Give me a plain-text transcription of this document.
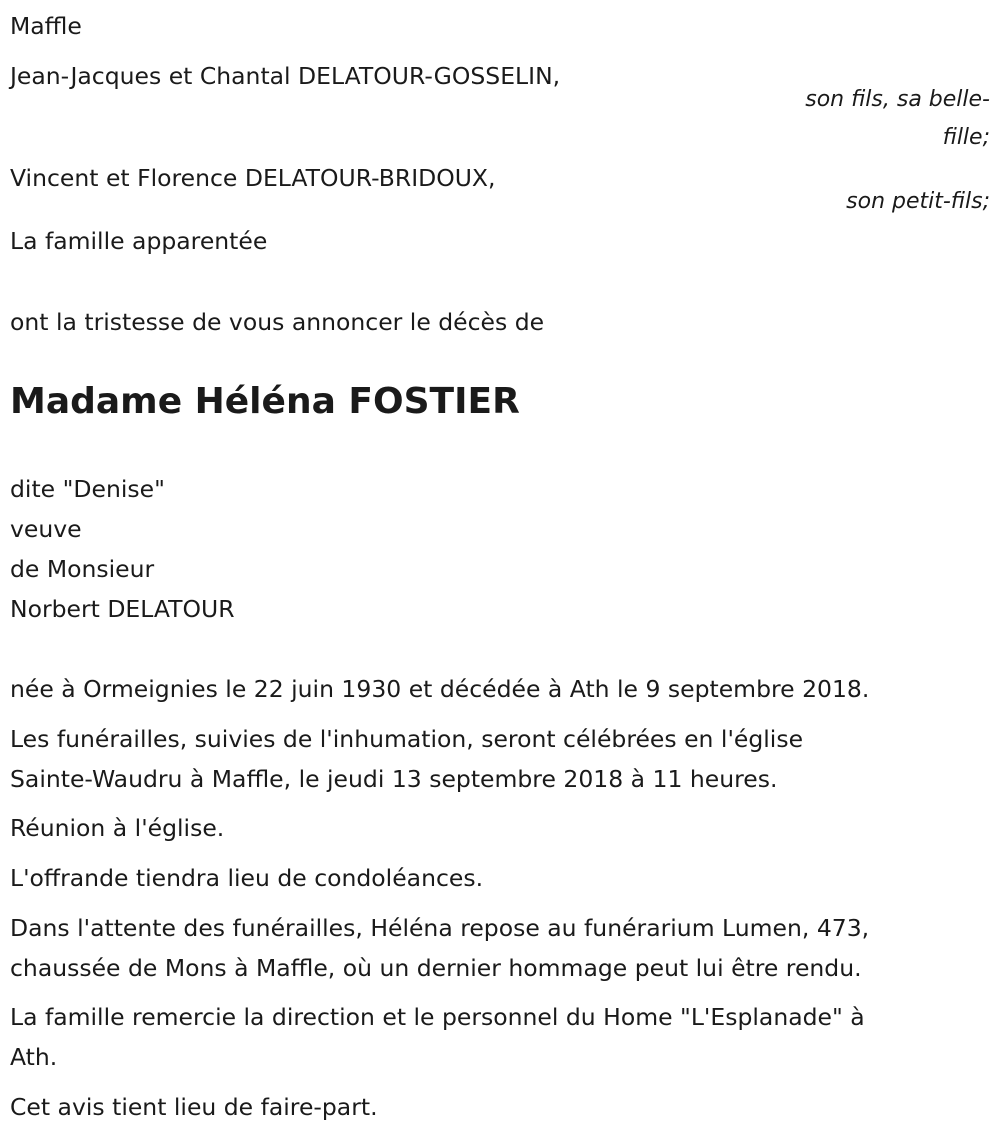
Maffle
Jean-Jacques et Chantal DELATOUR-GOSSELIN,
son fils, sa belle-
fille;
Vincent et Florence DELATOUR-BRIDOUX,
son petit-fils;
La famille apparentée
ont la tristesse de vous annoncer le décès de
Madame Héléna FOSTIER
dite "Denise"
veuve
de Monsieur
Norbert DELATOUR
née à Ormeignies le 22 juin 1930 et décédée à Ath le 9 septembre 2018.
Les funérailles, suivies de l'inhumation, seront célébrées en l'église
Sainte-Waudru à Maffle, le jeudi 13 septembre 2018 à 11 heures.
Réunion à l'église.
L'offrande tiendra lieu de condoléances.
Dans l'attente des funérailles, Héléna repose au funérarium Lumen, 473,
chaussée de Mons à Maffle, où un dernier hommage peut lui être rendu.
La famille remercie la direction et le personnel du Home "L'Esplanade" à
Ath.
Cet avis tient lieu de faire-part.
